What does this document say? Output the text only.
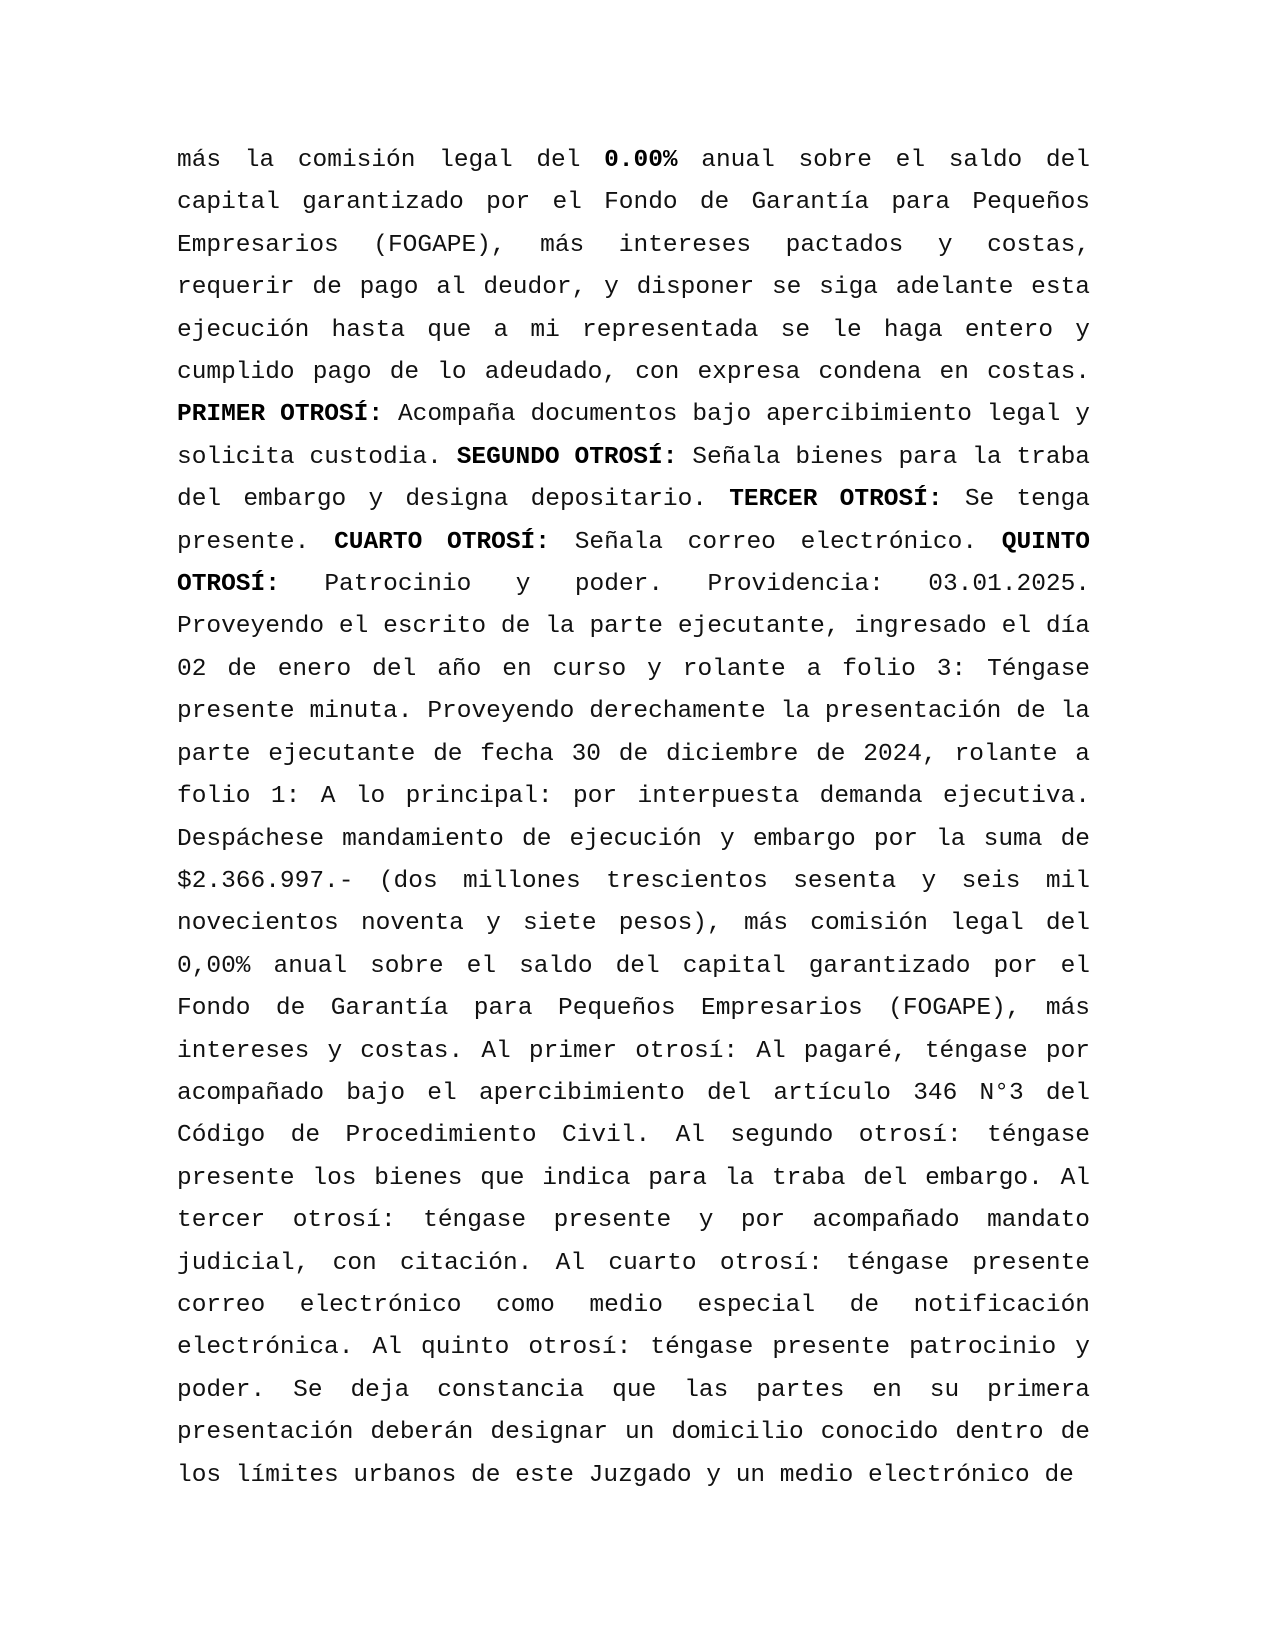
más la comisión legal del 0.00% anual sobre el saldo del capital garantizado por el Fondo de Garantía para Pequeños Empresarios (FOGAPE), más intereses pactados y costas, requerir de pago al deudor, y disponer se siga adelante esta ejecución hasta que a mi representada se le haga entero y cumplido pago de lo adeudado, con expresa condena en costas. PRIMER OTROSÍ: Acompaña documentos bajo apercibimiento legal y solicita custodia. SEGUNDO OTROSÍ: Señala bienes para la traba del embargo y designa depositario. TERCER OTROSÍ: Se tenga presente. CUARTO OTROSÍ: Señala correo electrónico. QUINTO OTROSÍ: Patrocinio y poder. Providencia: 03.01.2025. Proveyendo el escrito de la parte ejecutante, ingresado el día 02 de enero del año en curso y rolante a folio 3: Téngase presente minuta. Proveyendo derechamente la presentación de la parte ejecutante de fecha 30 de diciembre de 2024, rolante a folio 1: A lo principal: por interpuesta demanda ejecutiva. Despáchese mandamiento de ejecución y embargo por la suma de $2.366.997.- (dos millones trescientos sesenta y seis mil novecientos noventa y siete pesos), más comisión legal del 0,00% anual sobre el saldo del capital garantizado por el Fondo de Garantía para Pequeños Empresarios (FOGAPE), más intereses y costas. Al primer otrosí: Al pagaré, téngase por acompañado bajo el apercibimiento del artículo 346 N°3 del Código de Procedimiento Civil. Al segundo otrosí: téngase presente los bienes que indica para la traba del embargo. Al tercer otrosí: téngase presente y por acompañado mandato judicial, con citación. Al cuarto otrosí: téngase presente correo electrónico como medio especial de notificación electrónica. Al quinto otrosí: téngase presente patrocinio y poder. Se deja constancia que las partes en su primera presentación deberán designar un domicilio conocido dentro de los límites urbanos de este Juzgado y un medio electrónico de
